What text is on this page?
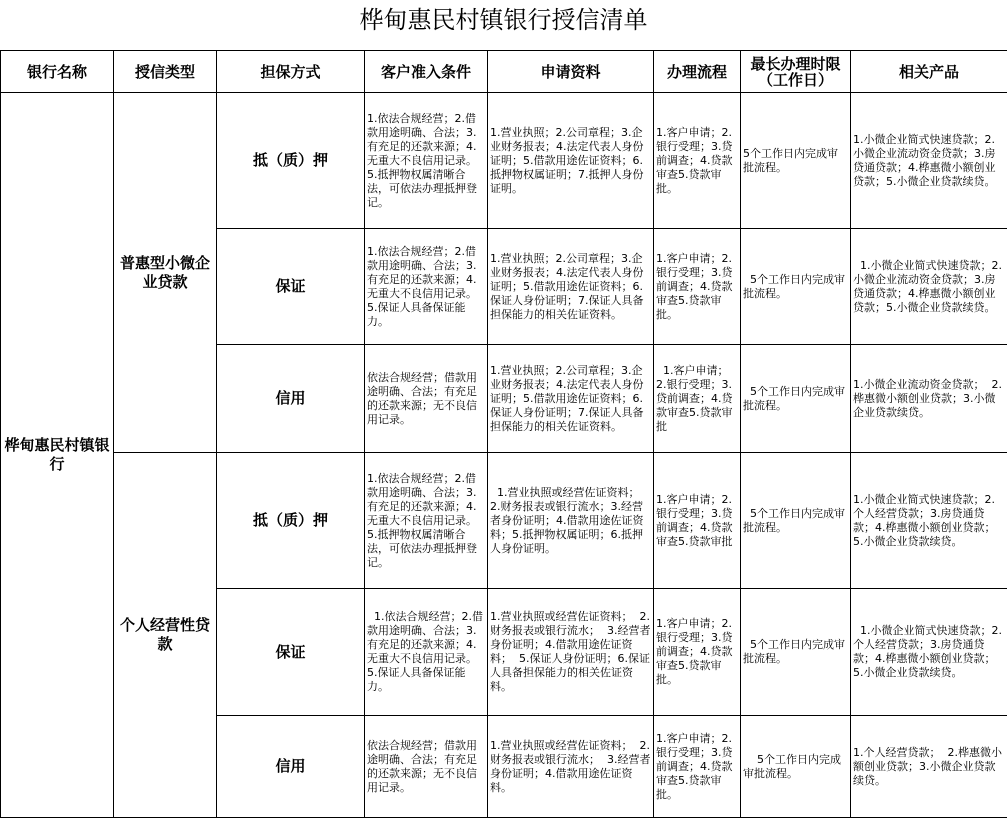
桦甸惠民村镇银行授信清单
银行名称	授信类型	担保方式	客户准入条件	申请资料	办理流程	最长办理时限（工作日）	相关产品
桦甸惠民村镇银行	普惠型小微企业贷款	抵（质）押	1.依法合规经营；2.借款用途明确、合法；3.有充足的还款来源；4.无重大不良信用记录。5.抵押物权属清晰合法，可依法办理抵押登记。	1.营业执照；2.公司章程；3.企业财务报表；4.法定代表人身份证明；5.借款用途佐证资料；6.抵押物权属证明；7.抵押人身份证明。	1.客户申请；2.银行受理；3.贷前调查；4.贷款审查5.贷款审批。	5个工作日内完成审批流程。	1.小微企业简式快速贷款；2.小微企业流动资金贷款；3.房贷通贷款；4.桦惠微小额创业贷款；5.小微企业贷款续贷。
		保证	1.依法合规经营；2.借款用途明确、合法；3.有充足的还款来源；4.无重大不良信用记录。5.保证人具备保证能力。	1.营业执照；2.公司章程；3.企业财务报表；4.法定代表人身份证明；5.借款用途佐证资料；6.保证人身份证明；7.保证人具备担保能力的相关佐证资料。	1.客户申请；2.银行受理；3.贷前调查；4.贷款审查5.贷款审批。	5个工作日内完成审批流程。	1.小微企业简式快速贷款；2.小微企业流动资金贷款；3.房贷通贷款；4.桦惠微小额创业贷款；5.小微企业贷款续贷。
		信用	依法合规经营；借款用途明确、合法；有充足的还款来源；无不良信用记录。	1.营业执照；2.公司章程；3.企业财务报表；4.法定代表人身份证明；5.借款用途佐证资料；6.保证人身份证明；7.保证人具备担保能力的相关佐证资料。	1.客户申请；2.银行受理；3.贷前调查；4.贷款审查5.贷款审批	5个工作日内完成审批流程。	1.小微企业流动资金贷款；  2.桦惠微小额创业贷款；3.小微企业贷款续贷。
	个人经营性贷款	抵（质）押	1.依法合规经营；2.借款用途明确、合法；3.有充足的还款来源；4.无重大不良信用记录。5.抵押物权属清晰合法，可依法办理抵押登记。	1.营业执照或经营佐证资料；  2.财务报表或银行流水；3.经营者身份证明；4.借款用途佐证资料；5.抵押物权属证明；6.抵押人身份证明。	1.客户申请；2.银行受理；3.贷前调查；4.贷款审查5.贷款审批	5个工作日内完成审批流程。	1.小微企业简式快速贷款；2.个人经营贷款；3.房贷通贷款；4.桦惠微小额创业贷款；5.小微企业贷款续贷。
		保证	1.依法合规经营；2.借款用途明确、合法；3.有充足的还款来源；4.无重大不良信用记录。5.保证人具备保证能力。	1.营业执照或经营佐证资料；  2.财务报表或银行流水；  3.经营者身份证明；4.借款用途佐证资料；  5.保证人身份证明；6.保证人具备担保能力的相关佐证资料。	1.客户申请；2.银行受理；3.贷前调查；4.贷款审查5.贷款审批。	5个工作日内完成审批流程。	1.小微企业简式快速贷款；2.个人经营贷款；3.房贷通贷款；4.桦惠微小额创业贷款；5.小微企业贷款续贷。
		信用	依法合规经营；借款用途明确、合法；有充足的还款来源；无不良信用记录。	1.营业执照或经营佐证资料；  2.财务报表或银行流水；  3.经营者身份证明；4.借款用途佐证资料。	1.客户申请；2.银行受理；3.贷前调查；4.贷款审查5.贷款审批。	5个工作日内完成审批流程。	1.个人经营贷款；  2.桦惠微小额创业贷款；3.小微企业贷款续贷。
